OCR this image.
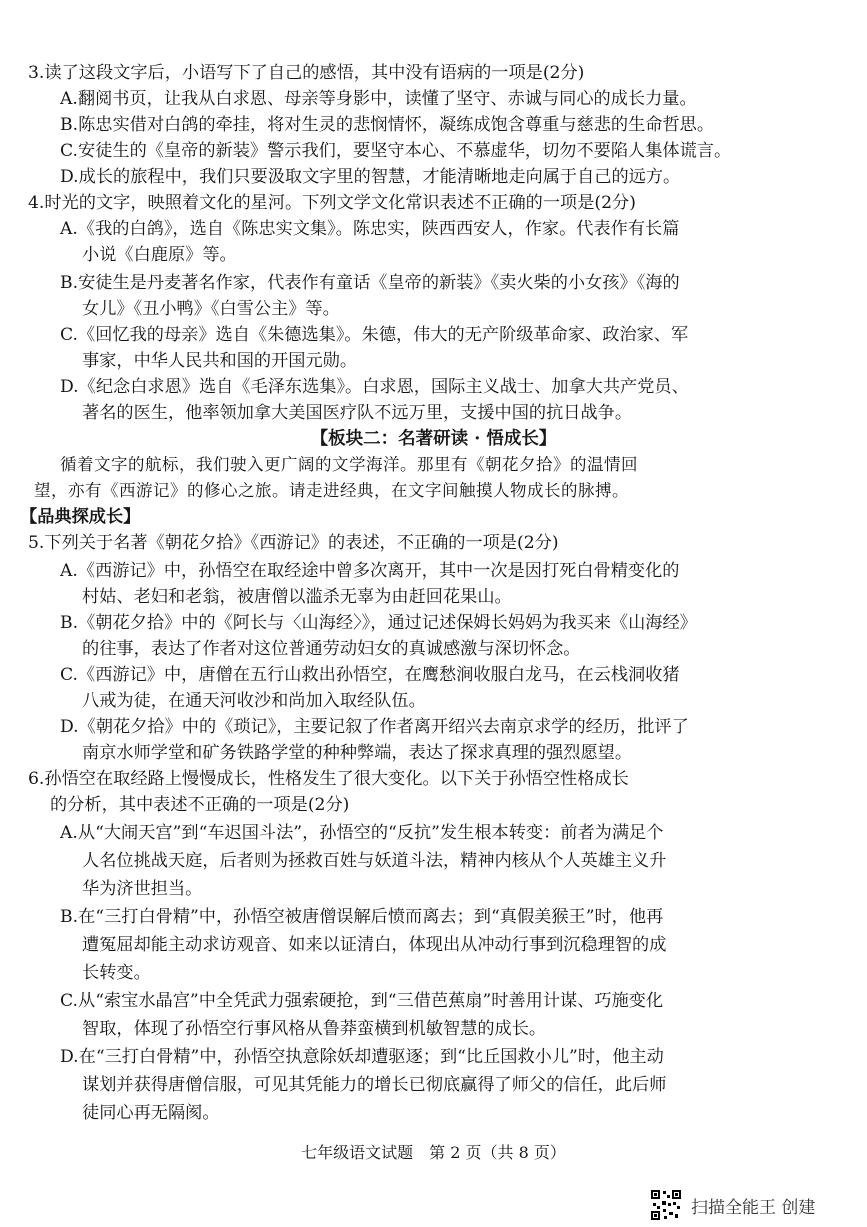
3.读了这段文字后，小语写下了自己的感悟，其中没有语病的一项是(2分)
A.翻阅书页，让我从白求恩、母亲等身影中，读懂了坚守、赤诚与同心的成长力量。
B.陈忠实借对白鸽的牵挂，将对生灵的悲悯情怀，凝练成饱含尊重与慈悲的生命哲思。
C.安徒生的《皇帝的新装》警示我们，要坚守本心、不慕虚华，切勿不要陷人集体谎言。
D.成长的旅程中，我们只要汲取文字里的智慧，才能清晰地走向属于自己的远方。
4.时光的文字，映照着文化的星河。下列文学文化常识表述不正确的一项是(2分)
A.《我的白鸽》，选自《陈忠实文集》。陈忠实，陕西西安人，作家。代表作有长篇
小说《白鹿原》等。
B.安徒生是丹麦著名作家，代表作有童话《皇帝的新装》《卖火柴的小女孩》《海的
女儿》《丑小鸭》《白雪公主》等。
C.《回忆我的母亲》选自《朱德选集》。朱德，伟大的无产阶级革命家、政治家、军
事家，中华人民共和国的开国元勋。
D.《纪念白求恩》选自《毛泽东选集》。白求恩，国际主义战士、加拿大共产党员、
著名的医生，他率领加拿大美国医疗队不远万里，支援中国的抗日战争。
【板块二：名著研读 · 悟成长】
循着文字的航标，我们驶入更广阔的文学海洋。那里有《朝花夕拾》的温情回
望，亦有《西游记》的修心之旅。请走进经典，在文字间触摸人物成长的脉搏。
【品典探成长】
5.下列关于名著《朝花夕拾》《西游记》的表述，不正确的一项是(2分)
A.《西游记》中，孙悟空在取经途中曾多次离开，其中一次是因打死白骨精变化的
村姑、老妇和老翁，被唐僧以滥杀无辜为由赶回花果山。
B.《朝花夕拾》中的《阿长与〈山海经〉》，通过记述保姆长妈妈为我买来《山海经》
的往事，表达了作者对这位普通劳动妇女的真诚感激与深切怀念。
C.《西游记》中，唐僧在五行山救出孙悟空，在鹰愁涧收服白龙马，在云栈洞收猪
八戒为徒，在通天河收沙和尚加入取经队伍。
D.《朝花夕拾》中的《琐记》，主要记叙了作者离开绍兴去南京求学的经历，批评了
南京水师学堂和矿务铁路学堂的种种弊端，表达了探求真理的强烈愿望。
6.孙悟空在取经路上慢慢成长，性格发生了很大变化。以下关于孙悟空性格成长
的分析，其中表述不正确的一项是(2分)
A.从“大闹天宫”到“车迟国斗法”，孙悟空的“反抗”发生根本转变：前者为满足个
人名位挑战天庭，后者则为拯救百姓与妖道斗法，精神内核从个人英雄主义升
华为济世担当。
B.在“三打白骨精”中，孙悟空被唐僧误解后愤而离去；到“真假美猴王”时，他再
遭冤屈却能主动求访观音、如来以证清白，体现出从冲动行事到沉稳理智的成
长转变。
C.从“索宝水晶宫”中全凭武力强索硬抢，到“三借芭蕉扇”时善用计谋、巧施变化
智取，体现了孙悟空行事风格从鲁莽蛮横到机敏智慧的成长。
D.在“三打白骨精”中，孙悟空执意除妖却遭驱逐；到“比丘国救小儿”时，他主动
谋划并获得唐僧信服，可见其凭能力的增长已彻底赢得了师父的信任，此后师
徒同心再无隔阂。
七年级语文试题　第 2 页（共 8 页）
扫描全能王 创建
